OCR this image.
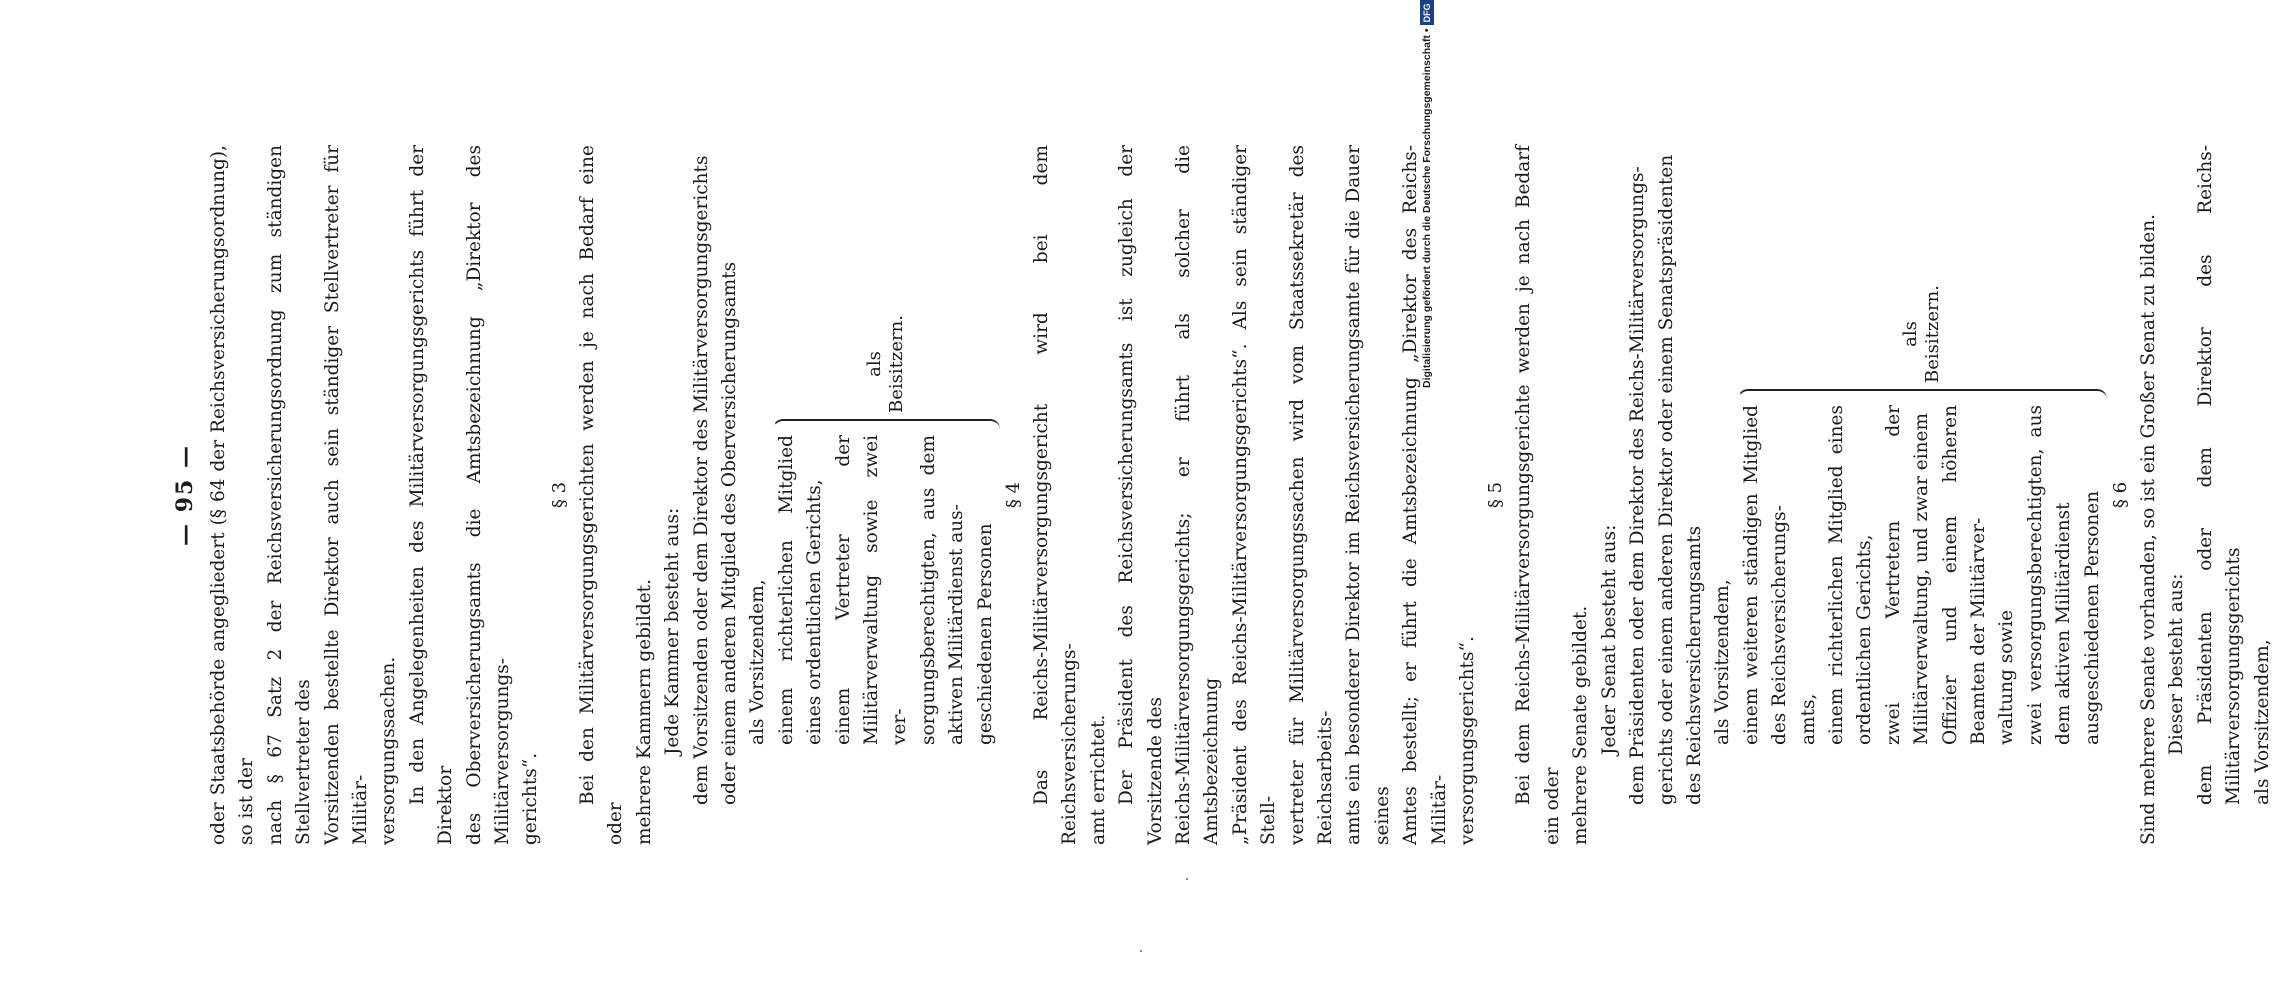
— 95 — oder Staatsbehörde angegliedert (§ 64 der Reichsversicherungsordnung), so ist der nach § 67 Satz 2 der Reichsversicherungsordnung zum ständigen Stellvertreter des Vorsitzenden bestellte Direktor auch sein ständiger Stellvertreter für Militär- versorgungssachen. In den Angelegenheiten des Militärversorgungsgerichts führt der Direktor des Oberversicherungsamts die Amtsbezeichnung „Direktor des Militärversorgungs- gerichts“.

§ 3 Bei den Militärversorgungsgerichten werden je nach Bedarf eine oder mehrere Kammern gebildet. Jede Kammer besteht aus: dem Vorsitzenden oder dem Direktor des Militärversorgungsgerichts oder einem anderen Mitglied des Oberversicherungsamts als Vorsitzendem, einem richterlichen Mitglied eines ordentlichen Gerichts, einem Vertreter der Militärverwaltung sowie zwei ver- sorgungsberechtigten, aus dem aktiven Militärdienst aus- geschiedenen Personen

als Beisitzern.
§ 4 Das Reichs-Militärversorgungsgericht wird bei dem Reichsversicherungs- amt errichtet. Der Präsident des Reichsversicherungsamts ist zugleich der Vorsitzende des Reichs-Militärversorgungsgerichts; er führt als solcher die Amtsbezeichnung „Präsident des Reichs-Militärversorgungsgerichts“. Als sein ständiger Stell- vertreter für Militärversorgungssachen wird vom Staatssekretär des Reichsarbeits- amts ein besonderer Direktor im Reichsversicherungsamte für die Dauer seines Amtes bestellt; er führt die Amtsbezeichnung „Direktor des Reichs-Militär- versorgungsgerichts“.

§ 5 Bei dem Reichs-Militärversorgungsgerichte werden je nach Bedarf ein oder mehrere Senate gebildet. Jeder Senat besteht aus: dem Präsidenten oder dem Direktor des Reichs-Militärversorgungs- gerichts oder einem anderen Direktor oder einem Senatspräsidenten des Reichsversicherungsamts als Vorsitzendem, einem weiteren ständigen Mitglied des Reichsversicherungs- amts, einem richterlichen Mitglied eines ordentlichen Gerichts, zwei Vertretern der Militärverwaltung, und zwar einem Offizier und einem höheren Beamten der Militärver- waltung sowie zwei versorgungsberechtigten, aus dem aktiven Militärdienst ausgeschiedenen Personen

als Beisitzern.
§ 6 Sind mehrere Senate vorhanden, so ist ein Großer Senat zu bilden. Dieser besteht aus: dem Präsidenten oder dem Direktor des Reichs-Militärversorgungsgerichts als Vorsitzendem,

Digitalisierung gefördert durch die Deutsche Forschungsgemeinschaft •DFG
